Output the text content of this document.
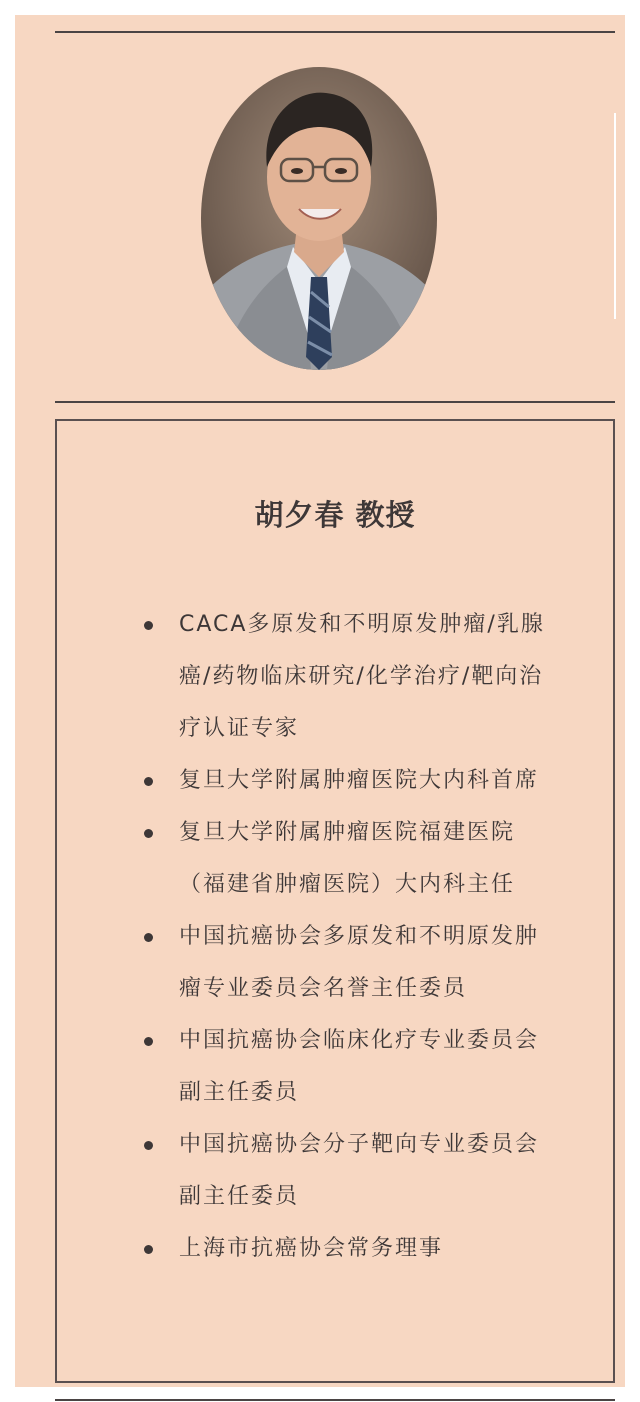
胡夕春 教授
CACA多原发和不明原发肿瘤/乳腺癌/药物临床研究/化学治疗/靶向治疗认证专家
复旦大学附属肿瘤医院大内科首席
复旦大学附属肿瘤医院福建医院（福建省肿瘤医院）大内科主任
中国抗癌协会多原发和不明原发肿瘤专业委员会名誉主任委员
中国抗癌协会临床化疗专业委员会副主任委员
中国抗癌协会分子靶向专业委员会副主任委员
上海市抗癌协会常务理事
